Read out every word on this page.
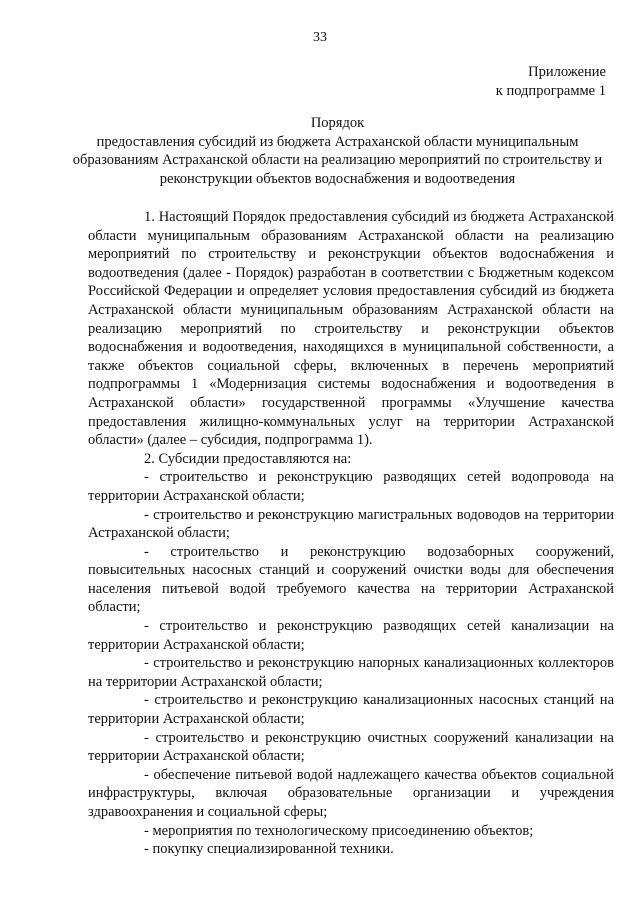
33
Приложение
к подпрограмме 1
Порядок
предоставления субсидий из бюджета Астраханской области муниципальным образованиям Астраханской области на реализацию мероприятий по строительству и реконструкции объектов водоснабжения и водоотведения

1. Настоящий Порядок предоставления субсидий из бюджета Астраханской области муниципальным образованиям Астраханской области на реализацию мероприятий по строительству и реконструкции объектов водоснабжения и водоотведения (далее - Порядок) разработан в соответствии с Бюджетным кодексом Российской Федерации и определяет условия предоставления субсидий из бюджета Астраханской области муниципальным образованиям Астраханской области на реализацию мероприятий по строительству и реконструкции объектов водоснабжения и водоотведения, находящихся в муниципальной собственности, а также объектов социальной сферы, включенных в перечень мероприятий подпрограммы 1 «Модернизация системы водоснабжения и водоотведения в Астраханской области» государственной программы «Улучшение качества предоставления жилищно-коммунальных услуг на территории Астраханской области» (далее – субсидия, подпрограмма 1).

2. Субсидии предоставляются на:

- строительство и реконструкцию разводящих сетей водопровода на территории Астраханской области;

- строительство и реконструкцию магистральных водоводов на территории Астраханской области;

- строительство и реконструкцию водозаборных сооружений, повысительных насосных станций и сооружений очистки воды для обеспечения населения питьевой водой требуемого качества на территории Астраханской области;

- строительство и реконструкцию разводящих сетей канализации на территории Астраханской области;

- строительство и реконструкцию напорных канализационных коллекторов на территории Астраханской области;

- строительство и реконструкцию канализационных насосных станций на территории Астраханской области;

- строительство и реконструкцию очистных сооружений канализации на территории Астраханской области;

- обеспечение питьевой водой надлежащего качества объектов социальной инфраструктуры, включая образовательные организации и учреждения здравоохранения и социальной сферы;

- мероприятия по технологическому присоединению объектов;

- покупку специализированной техники.
